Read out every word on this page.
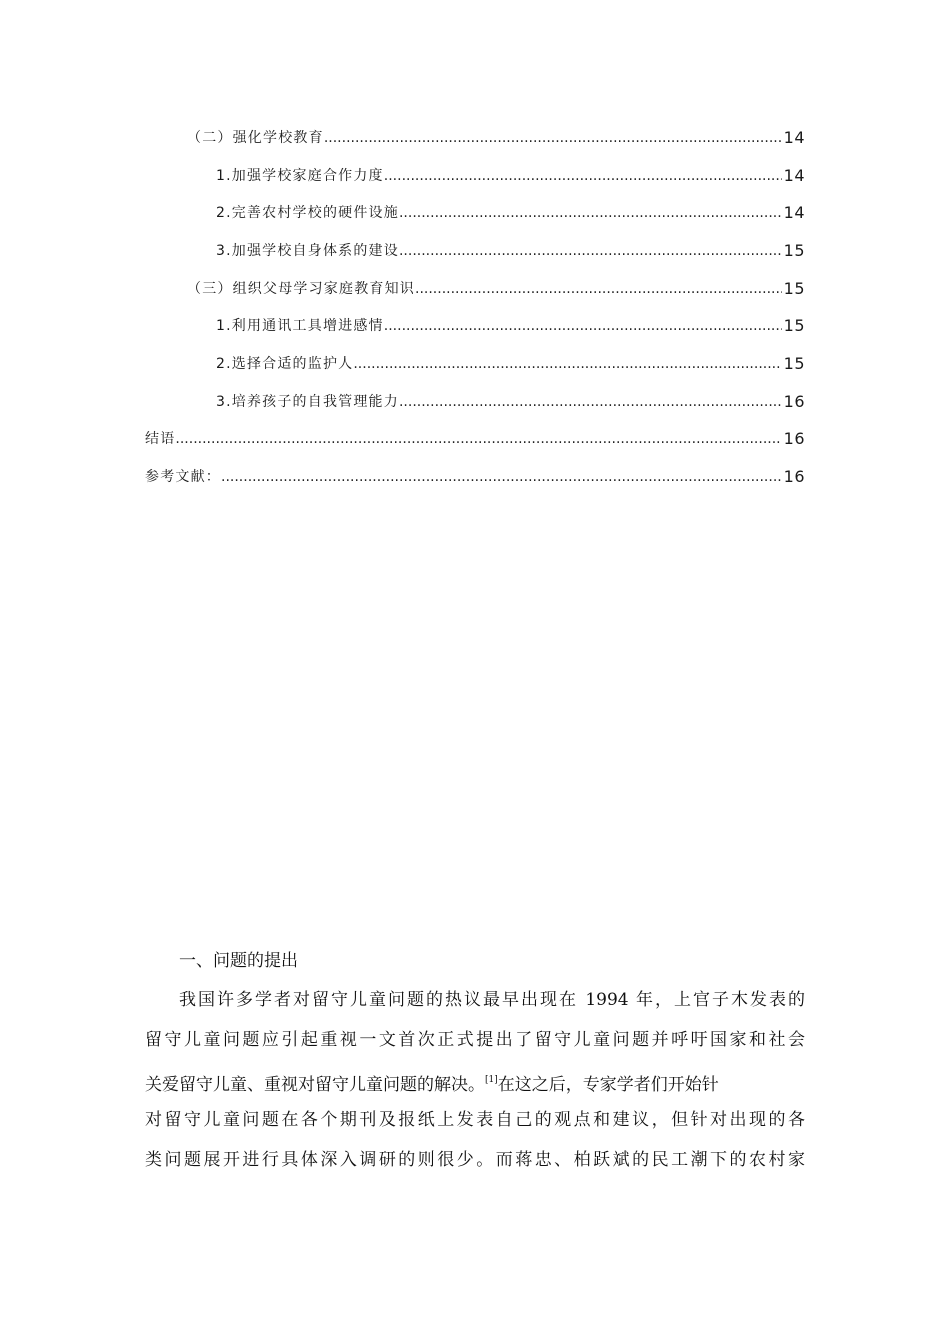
（二）强化学校教育 .....	14
1.加强学校家庭合作力度 .....	14
2.完善农村学校的硬件设施 .....	14
3.加强学校自身体系的建设 .....	15
（三）组织父母学习家庭教育知识 .....	15
1.利用通讯工具增进感情 .....	15
2.选择合适的监护人 .....	15
3.培养孩子的自我管理能力 .....	16
结语 .....	16
参考文献： .....	16
一、问题的提出
我国许多学者对留守儿童问题的热议最早出现在 1994 年，上官子木发表的
留守儿童问题应引起重视一文首次正式提出了留守儿童问题并呼吁国家和社会
关爱留守儿童、重视对留守儿童问题的解决。[1]在这之后，专家学者们开始针
对留守儿童问题在各个期刊及报纸上发表自己的观点和建议，但针对出现的各
类问题展开进行具体深入调研的则很少。而蒋忠、柏跃斌的民工潮下的农村家
